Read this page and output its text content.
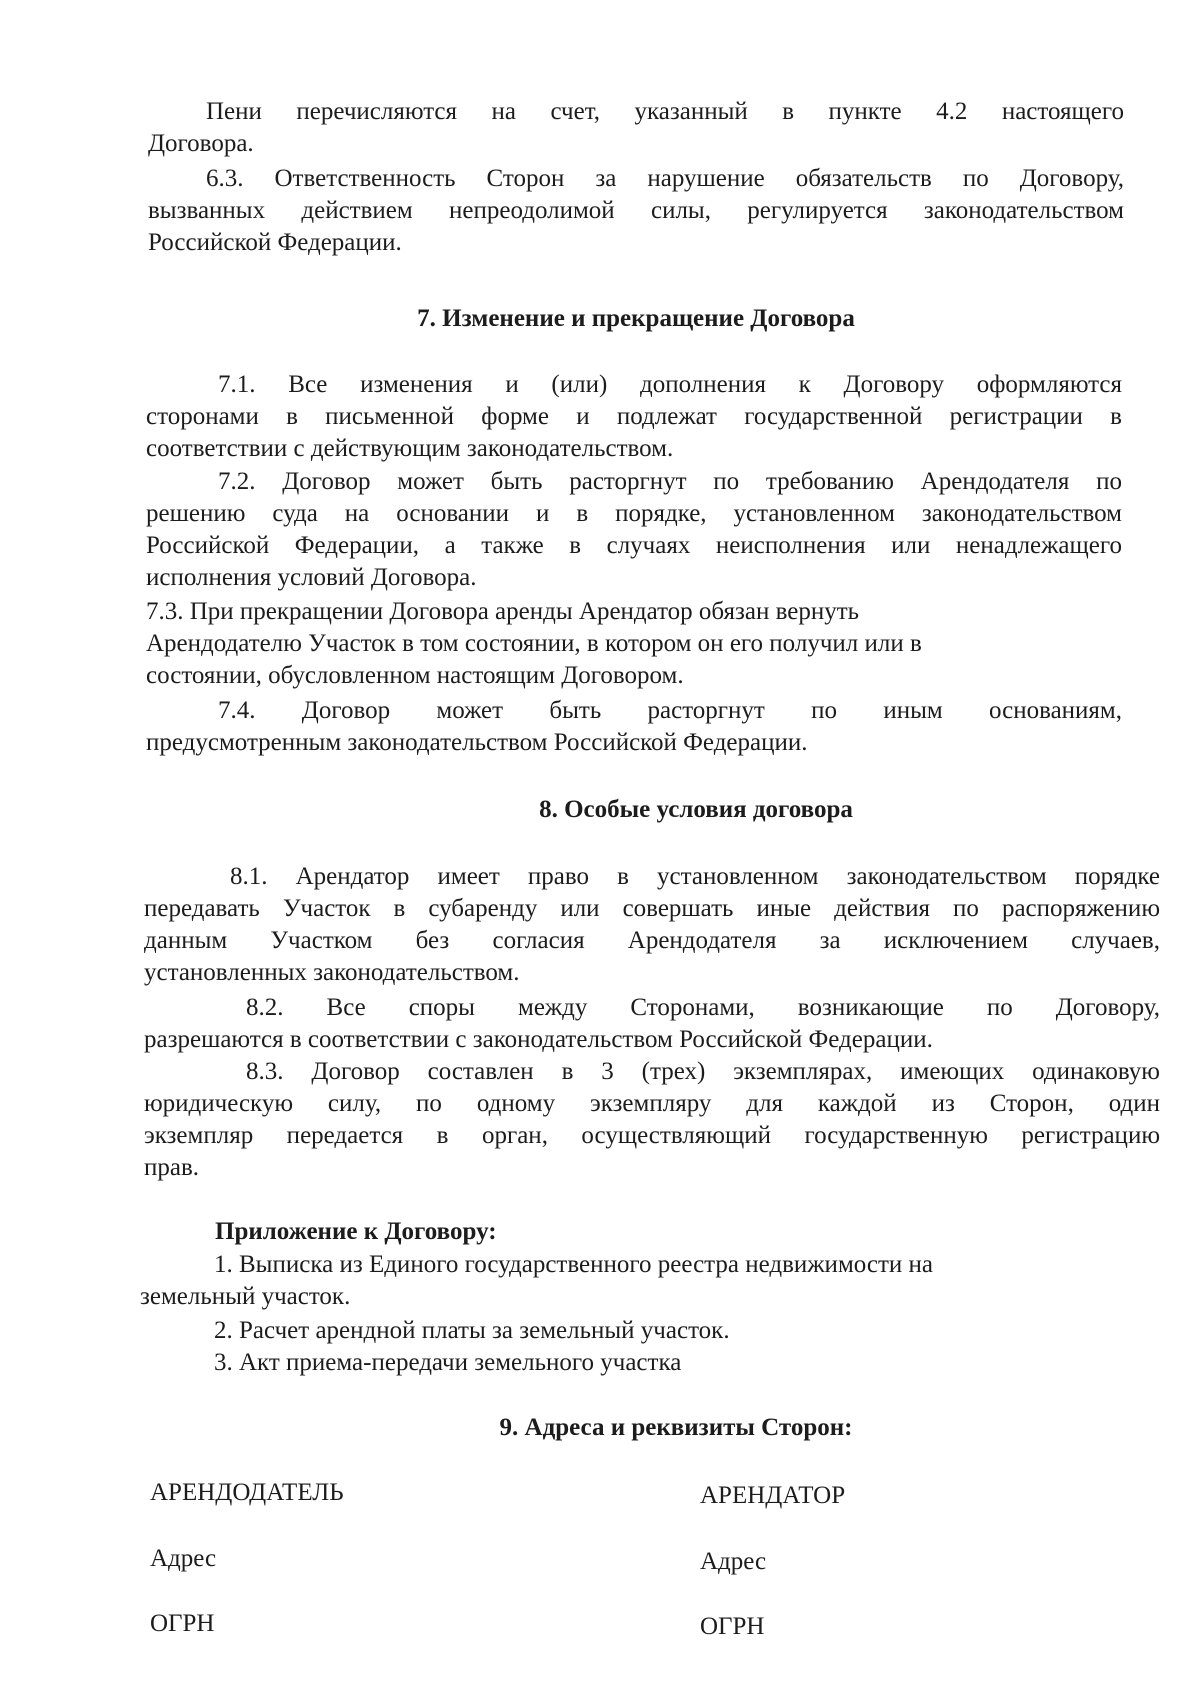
Пени перечисляются на счет, указанный в пункте 4.2 настоящего
Договора.
6.3. Ответственность Сторон за нарушение обязательств по Договору,
вызванных действием непреодолимой силы, регулируется законодательством
Российской Федерации.
7. Изменение и прекращение Договора
7.1. Все изменения и (или) дополнения к Договору оформляются
сторонами в письменной форме и подлежат государственной регистрации в
соответствии с действующим законодательством.
7.2. Договор может быть расторгнут по требованию Арендодателя по
решению суда на основании и в порядке, установленном законодательством
Российской Федерации, а также в случаях неисполнения или ненадлежащего
исполнения условий Договора.
7.3. При прекращении Договора аренды Арендатор обязан вернуть
Арендодателю Участок в том состоянии, в котором он его получил или в
состоянии, обусловленном настоящим Договором.
7.4. Договор может быть расторгнут по иным основаниям,
предусмотренным законодательством Российской Федерации.
8. Особые условия договора
8.1. Арендатор имеет право в установленном законодательством порядке
передавать Участок в субаренду или совершать иные действия по распоряжению
данным Участком без согласия Арендодателя за исключением случаев,
установленных законодательством.
8.2. Все споры между Сторонами, возникающие по Договору,
разрешаются в соответствии с законодательством Российской Федерации.
8.3. Договор составлен в 3 (трех) экземплярах, имеющих одинаковую
юридическую силу, по одному экземпляру для каждой из Сторон, один
экземпляр передается в орган, осуществляющий государственную регистрацию
прав.
Приложение к Договору:
1. Выписка из Единого государственного реестра недвижимости на
земельный участок.
2. Расчет арендной платы за земельный участок.
3. Акт приема-передачи земельного участка
9. Адреса и реквизиты Сторон:
АРЕНДОДАТЕЛЬ	АРЕНДАТОР
Адрес	Адрес
ОГРН	ОГРН
